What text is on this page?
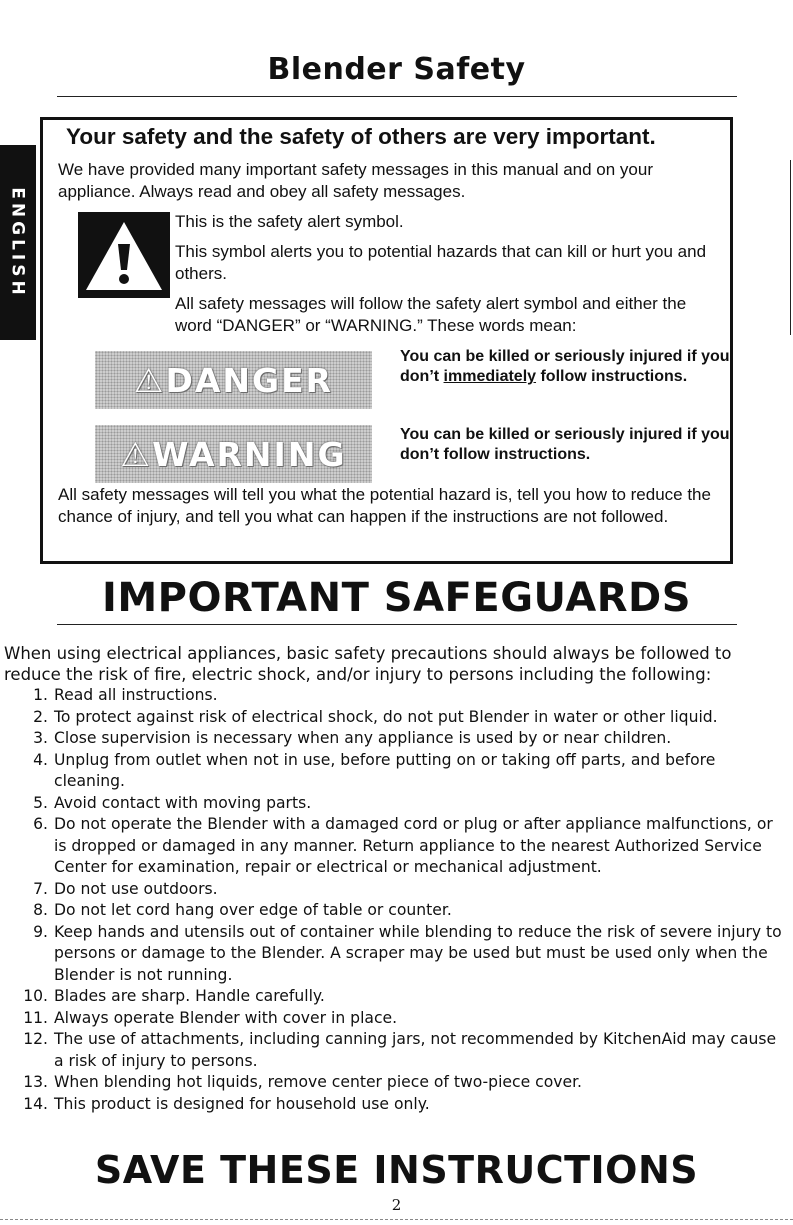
Blender Safety
ENGLISH
Your safety and the safety of others are very important.
We have provided many important safety messages in this manual and on your appliance. Always read and obey all safety messages.
This is the safety alert symbol.
This symbol alerts you to potential hazards that can kill or hurt you and others.
All safety messages will follow the safety alert symbol and either the word “DANGER” or “WARNING.” These words mean:
⚠DANGER
You can be killed or seriously injured if you don’t immediately follow instructions.
⚠WARNING	You can be killed or seriously injured if you don’t follow instructions.
All safety messages will tell you what the potential hazard is, tell you how to reduce the chance of injury, and tell you what can happen if the instructions are not followed.
IMPORTANT SAFEGUARDS
When using electrical appliances, basic safety precautions should always be followed to reduce the risk of fire, electric shock, and/or injury to persons including the following:
1. Read all instructions.
2. To protect against risk of electrical shock, do not put Blender in water or other liquid.
3. Close supervision is necessary when any appliance is used by or near children.
4. Unplug from outlet when not in use, before putting on or taking off parts, and before cleaning.
5. Avoid contact with moving parts.
6. Do not operate the Blender with a damaged cord or plug or after appliance malfunctions, or is dropped or damaged in any manner. Return appliance to the nearest Authorized Service Center for examination, repair or electrical or mechanical adjustment.
7. Do not use outdoors.
8. Do not let cord hang over edge of table or counter.
9. Keep hands and utensils out of container while blending to reduce the risk of severe injury to persons or damage to the Blender. A scraper may be used but must be used only when the Blender is not running.
10. Blades are sharp. Handle carefully.
11. Always operate Blender with cover in place.
12. The use of attachments, including canning jars, not recommended by KitchenAid may cause a risk of injury to persons.
13. When blending hot liquids, remove center piece of two-piece cover.
14. This product is designed for household use only.
SAVE THESE INSTRUCTIONS
2
